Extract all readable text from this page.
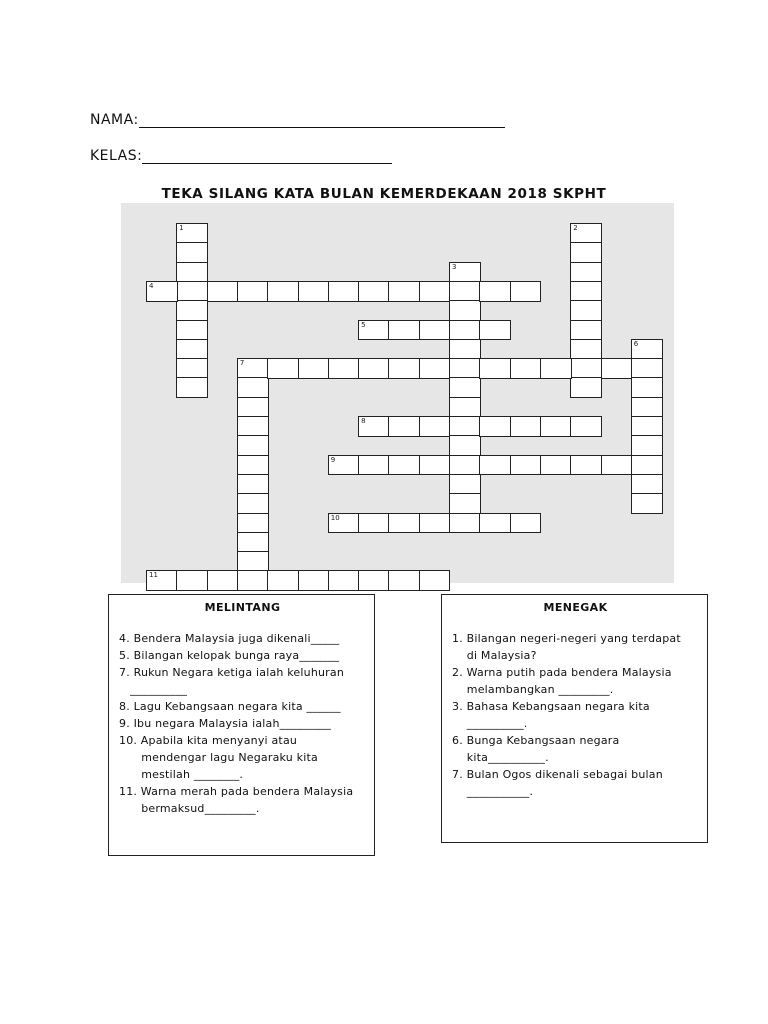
NAMA:
KELAS:
TEKA SILANG KATA BULAN KEMERDEKAAN 2018 SKPHT
1	2
3
4
5
6
7
8
9
10
11
MELINTANG
4. Bendera Malaysia juga dikenali_____
5. Bilangan kelopak bunga raya_______
7. Rukun Negara ketiga ialah keluhuran
__________
8. Lagu Kebangsaan negara kita ______
9. Ibu negara Malaysia ialah_________
10. Apabila kita menyanyi atau
mendengar lagu Negaraku kita
mestilah ________.
11. Warna merah pada bendera Malaysia
bermaksud_________.
MENEGAK
1. Bilangan negeri-negeri yang terdapat
di Malaysia?
2. Warna putih pada bendera Malaysia
melambangkan _________.
3. Bahasa Kebangsaan negara kita
__________.
6. Bunga Kebangsaan negara
kita__________.
7. Bulan Ogos dikenali sebagai bulan
___________.
